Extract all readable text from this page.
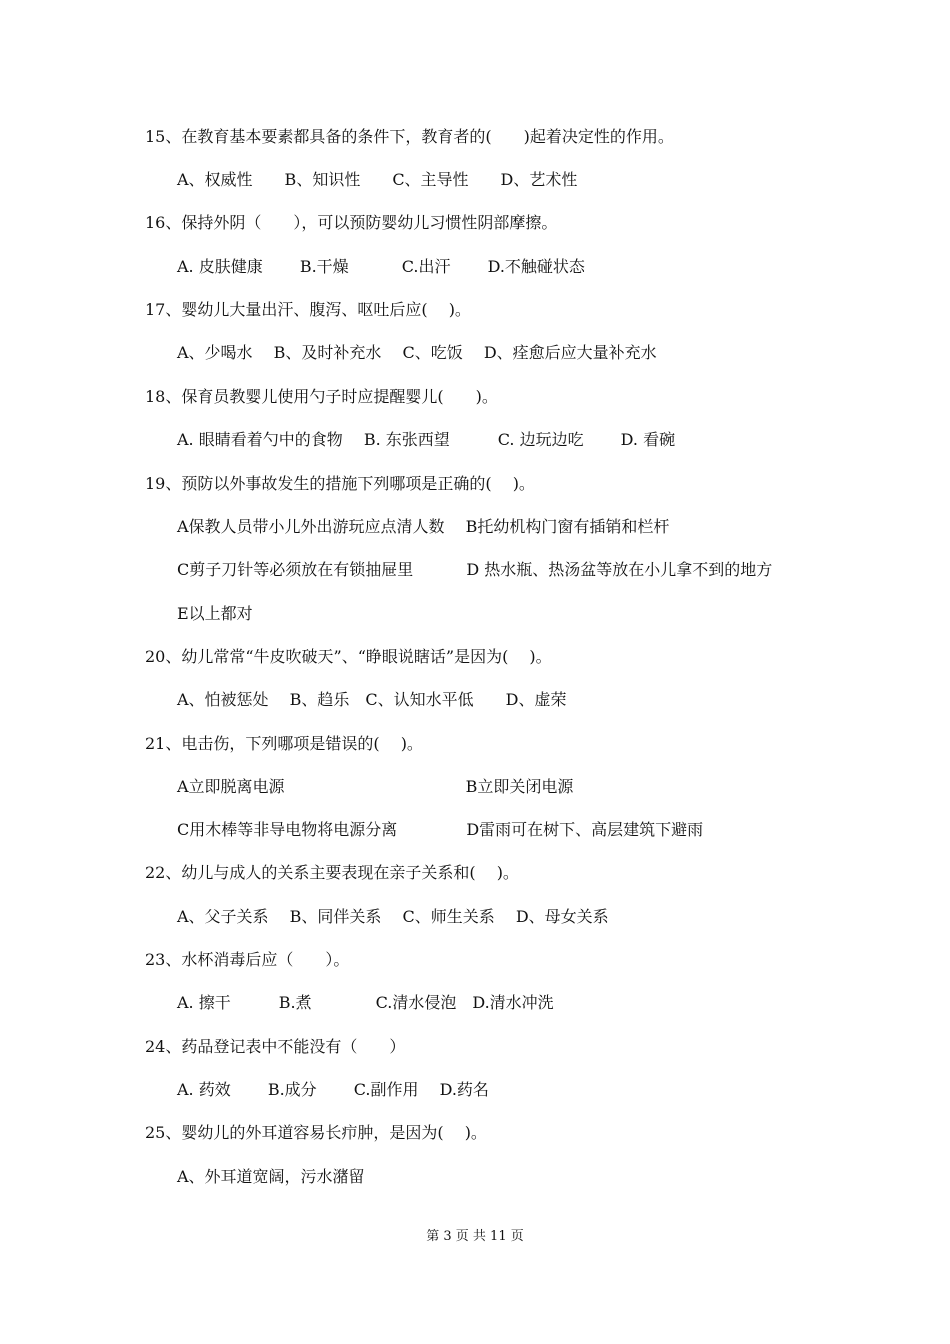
15、在教育基本要素都具备的条件下，教育者的(　　)起着决定性的作用。
A、权威性　　B、知识性　　C、主导性　　D、艺术性
16、保持外阴（　　），可以预防婴幼儿习惯性阴部摩擦。
A. 皮肤健康　　 B.干燥　　　 C.出汗　　 D.不触碰状态
17、婴幼儿大量出汗、腹泻、呕吐后应(　 )。
A、少喝水　 B、及时补充水　 C、吃饭　 D、痊愈后应大量补充水
18、保育员教婴儿使用勺子时应提醒婴儿(　　)。
A. 眼睛看着勺中的食物　 B. 东张西望　　　C. 边玩边吃　　 D. 看碗
19、预防以外事故发生的措施下列哪项是正确的(　 )。
A保教人员带小儿外出游玩应点清人数　 B托幼机构门窗有插销和栏杆
C剪子刀针等必须放在有锁抽屉里　　　 D 热水瓶、热汤盆等放在小儿拿不到的地方
E以上都对
20、幼儿常常“牛皮吹破天”、“睁眼说瞎话”是因为(　 )。
A、怕被惩处　 B、趋乐　C、认知水平低　　D、虚荣
21、电击伤，下列哪项是错误的(　 )。
A立即脱离电源　　　　　　　　　　　 B立即关闭电源
C用木棒等非导电物将电源分离　　　　 D雷雨可在树下、高层建筑下避雨
22、幼儿与成人的关系主要表现在亲子关系和(　 )。
A、父子关系　 B、同伴关系　 C、师生关系　 D、母女关系
23、水杯消毒后应（　　）。
A. 擦干　　　B.煮　　　　C.清水侵泡　D.清水冲洗
24、药品登记表中不能没有（　　）
A. 药效　　 B.成分　　 C.副作用　 D.药名
25、婴幼儿的外耳道容易长疖肿，是因为(　 )。
A、外耳道宽阔，污水潴留
第 3 页 共 11 页
